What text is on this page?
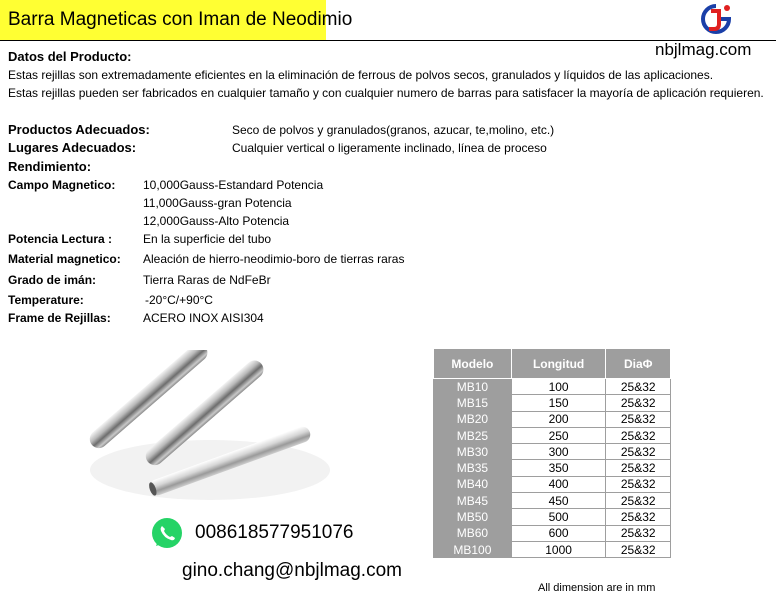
Barra Magneticas con Iman de Neodimio
nbjlmag.com
Datos del Producto:
Estas rejillas son extremadamente eficientes en la eliminación de ferrous de polvos secos, granulados y líquidos de las aplicaciones.
Estas rejillas pueden ser fabricados en cualquier tamaño y con cualquier numero de barras para satisfacer la mayoría de aplicación requieren.
Productos Adecuados:	Seco de polvos y granulados(granos, azucar, te,molino, etc.)
Lugares Adecuados:	Cualquier vertical o ligeramente inclinado, línea de proceso
Rendimiento:
Campo Magnetico: 10,000Gauss-Estandard Potencia
11,000Gauss-gran Potencia
12,000Gauss-Alto Potencia
Potencia Lectura :	En la superficie del tubo
Material magnetico: Aleación de hierro-neodimio-boro de tierras raras
Grado de imán:	Tierra Raras de NdFeBr
Temperature:	-20°C/+90°C
Frame de Rejillas:	ACERO INOX AISI304
008618577951076
gino.chang@nbjlmag.com
Modelo	Longitud	DiaΦ
MB10	100	25&32
MB15	150	25&32
MB20	200	25&32
MB25	250	25&32
MB30	300	25&32
MB35	350	25&32
MB40	400	25&32
MB45	450	25&32
MB50	500	25&32
MB60	600	25&32
MB100	1000	25&32
All dimension are in mm
